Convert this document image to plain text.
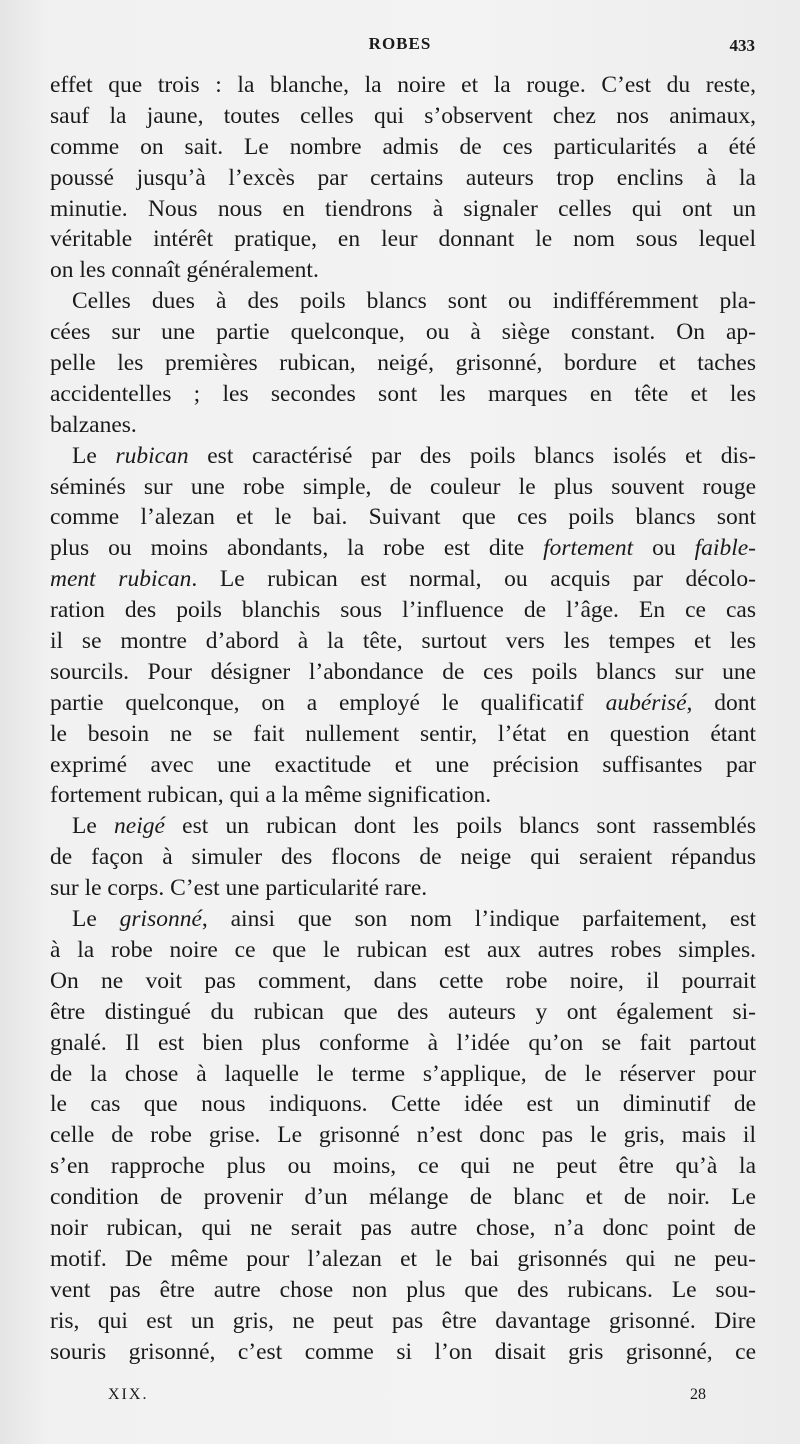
ROBES	433
effet que trois : la blanche, la noire et la rouge. C’est du reste,
sauf la jaune, toutes celles qui s’observent chez nos animaux,
comme on sait. Le nombre admis de ces particularités a été
poussé jusqu’à l’excès par certains auteurs trop enclins à la
minutie. Nous nous en tiendrons à signaler celles qui ont un
véritable intérêt pratique, en leur donnant le nom sous lequel
on les connaît généralement.
Celles dues à des poils blancs sont ou indifféremment pla-
cées sur une partie quelconque, ou à siège constant. On ap-
pelle les premières rubican, neigé, grisonné, bordure et taches
accidentelles ; les secondes sont les marques en tête et les
balzanes.
Le rubican est caractérisé par des poils blancs isolés et dis-
séminés sur une robe simple, de couleur le plus souvent rouge
comme l’alezan et le bai. Suivant que ces poils blancs sont
plus ou moins abondants, la robe est dite fortement ou faible-
ment rubican. Le rubican est normal, ou acquis par décolo-
ration des poils blanchis sous l’influence de l’âge. En ce cas
il se montre d’abord à la tête, surtout vers les tempes et les
sourcils. Pour désigner l’abondance de ces poils blancs sur une
partie quelconque, on a employé le qualificatif aubérisé, dont
le besoin ne se fait nullement sentir, l’état en question étant
exprimé avec une exactitude et une précision suffisantes par
fortement rubican, qui a la même signification.
Le neigé est un rubican dont les poils blancs sont rassemblés
de façon à simuler des flocons de neige qui seraient répandus
sur le corps. C’est une particularité rare.
Le grisonné, ainsi que son nom l’indique parfaitement, est
à la robe noire ce que le rubican est aux autres robes simples.
On ne voit pas comment, dans cette robe noire, il pourrait
être distingué du rubican que des auteurs y ont également si-
gnalé. Il est bien plus conforme à l’idée qu’on se fait partout
de la chose à laquelle le terme s’applique, de le réserver pour
le cas que nous indiquons. Cette idée est un diminutif de
celle de robe grise. Le grisonné n’est donc pas le gris, mais il
s’en rapproche plus ou moins, ce qui ne peut être qu’à la
condition de provenir d’un mélange de blanc et de noir. Le
noir rubican, qui ne serait pas autre chose, n’a donc point de
motif. De même pour l’alezan et le bai grisonnés qui ne peu-
vent pas être autre chose non plus que des rubicans. Le sou-
ris, qui est un gris, ne peut pas être davantage grisonné. Dire
souris grisonné, c’est comme si l’on disait gris grisonné, ce
XIX.	28
